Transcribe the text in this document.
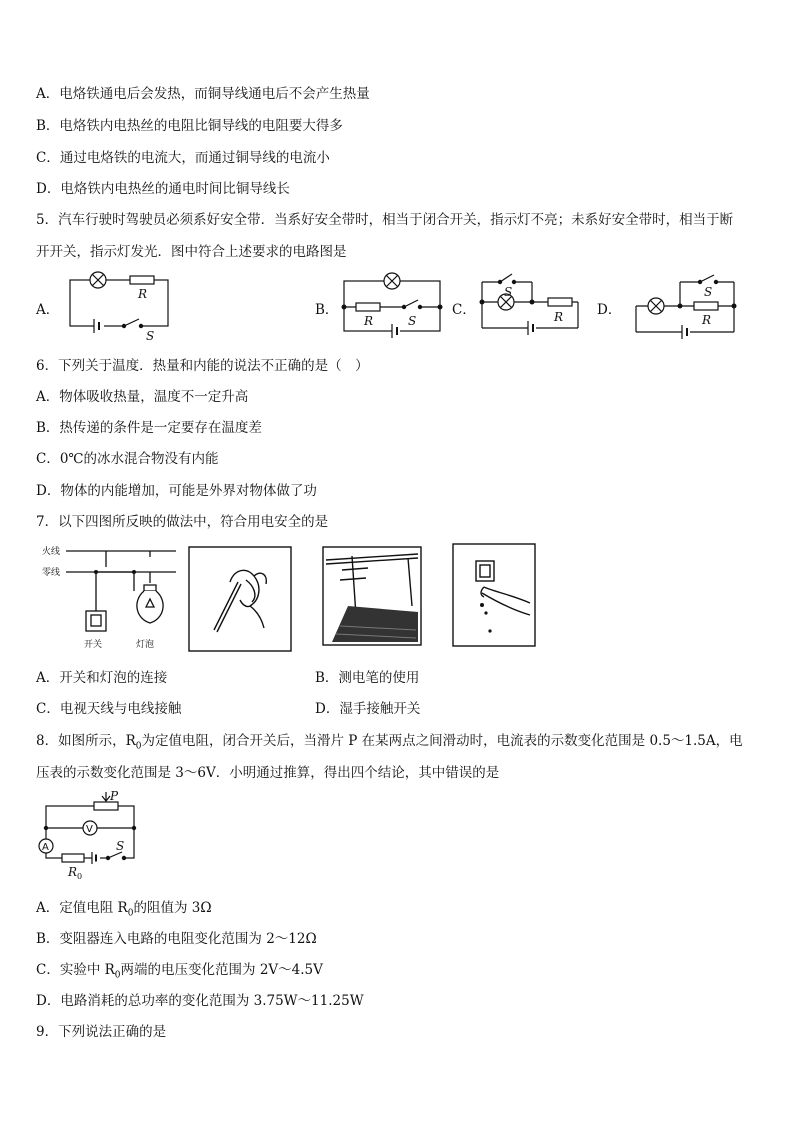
A．电烙铁通电后会发热，而铜导线通电后不会产生热量
B．电烙铁内电热丝的电阻比铜导线的电阻要大得多
C．通过电烙铁的电流大，而通过铜导线的电流小
D．电烙铁内电热丝的通电时间比铜导线长
5．汽车行驶时驾驶员必须系好安全带．当系好安全带时，相当于闭合开关，指示灯不亮；未系好安全带时，相当于断
开开关，指示灯发光．图中符合上述要求的电路图是
A．	B．	C．	D．
R
S
R	S
S
R
S
R
6．下列关于温度．热量和内能的说法不正确的是（　）
A．物体吸收热量，温度不一定升高
B．热传递的条件是一定要存在温度差
C．0℃的冰水混合物没有内能
D．物体的内能增加，可能是外界对物体做了功
7．以下四图所反映的做法中，符合用电安全的是
火线
零线
开关	灯泡
A．开关和灯泡的连接	B．测电笔的使用
C．电视天线与电线接触	D．湿手接触开关
8．如图所示，$R_0$为定值电阻，闭合开关后，当滑片 P 在某两点之间滑动时，电流表的示数变化范围是 0.5～1.5A，电
压表的示数变化范围是 3～6V．小明通过推算，得出四个结论，其中错误的是
P
V
A	S
$R_0$
A．定值电阻 $R_0$的阻值为 3Ω
B．变阻器连入电路的电阻变化范围为 2～12Ω
C．实验中 $R_0$两端的电压变化范围为 2V～4.5V
D．电路消耗的总功率的变化范围为 3.75W～11.25W
9．下列说法正确的是
